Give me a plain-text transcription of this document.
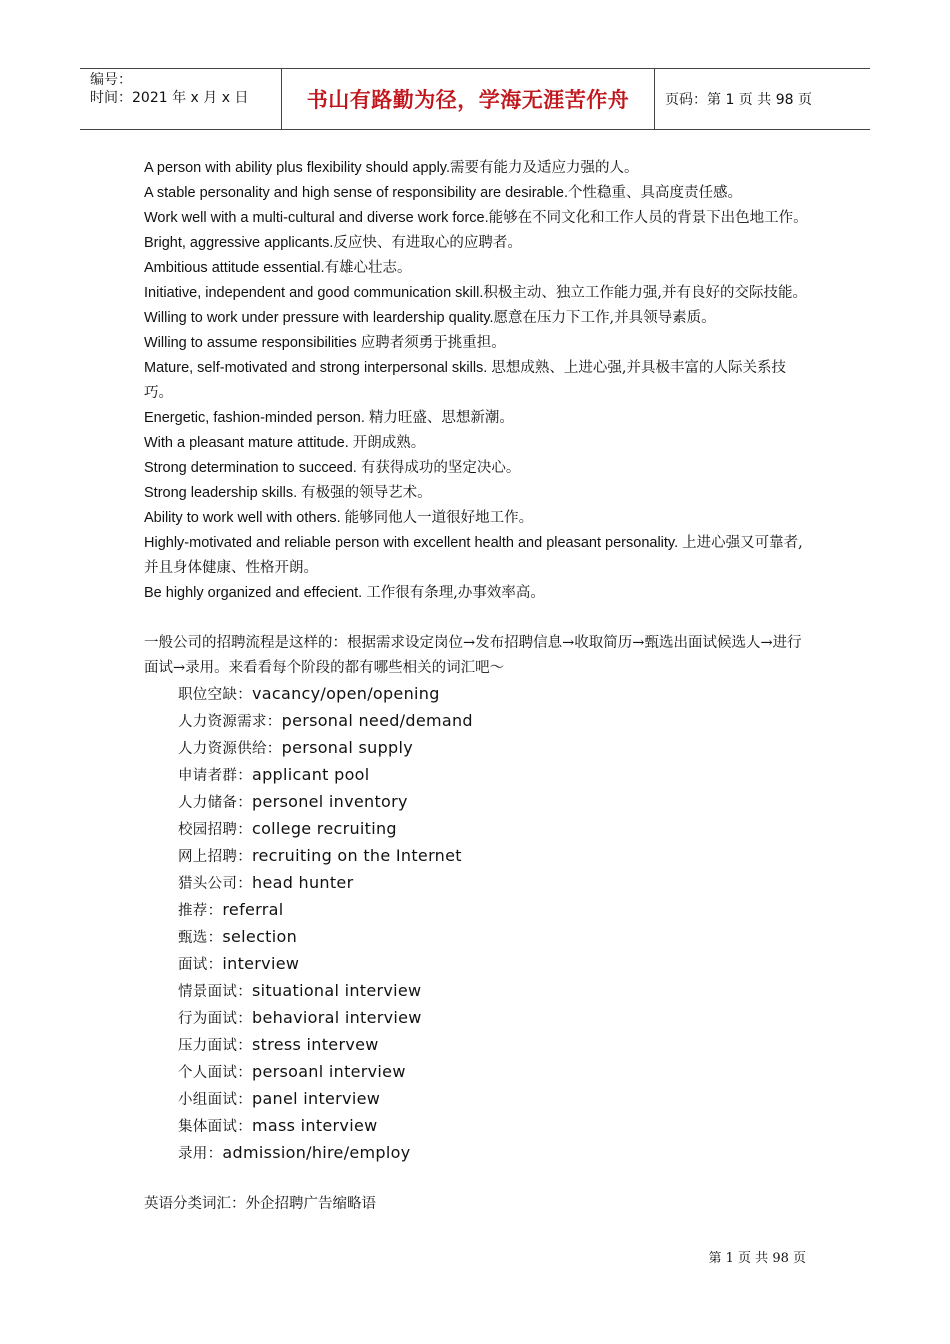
编号：
时间：2021 年 x 月 x 日	书山有路勤为径，学海无涯苦作舟	页码：第 1 页 共 98 页

A person with ability plus flexibility should apply.需要有能力及适应力强的人。

A stable personality and high sense of responsibility are desirable.个性稳重、具高度责任感。

Work well with a multi-cultural and diverse work force.能够在不同文化和工作人员的背景下出色地工作。

Bright, aggressive applicants.反应快、有进取心的应聘者。

Ambitious attitude essential.有雄心壮志。

Initiative, independent and good communication skill.积极主动、独立工作能力强,并有良好的交际技能。

Willing to work under pressure with leardership quality.愿意在压力下工作,并具领导素质。

Willing to assume responsibilities 应聘者须勇于挑重担。

Mature, self-motivated and strong interpersonal skills. 思想成熟、上进心强,并具极丰富的人际关系技巧。

Energetic, fashion-minded person. 精力旺盛、思想新潮。

With a pleasant mature attitude. 开朗成熟。

Strong determination to succeed. 有获得成功的坚定决心。

Strong leadership skills. 有极强的领导艺术。

Ability to work well with others. 能够同他人一道很好地工作。

Highly-motivated and reliable person with excellent health and pleasant personality. 上进心强又可靠者,并且身体健康、性格开朗。

Be highly organized and effecient. 工作很有条理,办事效率高。

一般公司的招聘流程是这样的：根据需求设定岗位→发布招聘信息→收取简历→甄选出面试候选人→进行面试→录用。来看看每个阶段的都有哪些相关的词汇吧～
职位空缺：vacancy/open/opening
人力资源需求：personal need/demand
人力资源供给：personal supply
申请者群：applicant pool
人力储备：personel inventory
校园招聘：college recruiting
网上招聘：recruiting on the Internet
猎头公司：head hunter
推荐：referral
甄选：selection
面试：interview
情景面试：situational interview
行为面试：behavioral interview
压力面试：stress intervew
个人面试：persoanl interview
小组面试：panel interview
集体面试：mass interview
录用：admission/hire/employ
英语分类词汇：外企招聘广告缩略语
第 1 页 共 98 页
